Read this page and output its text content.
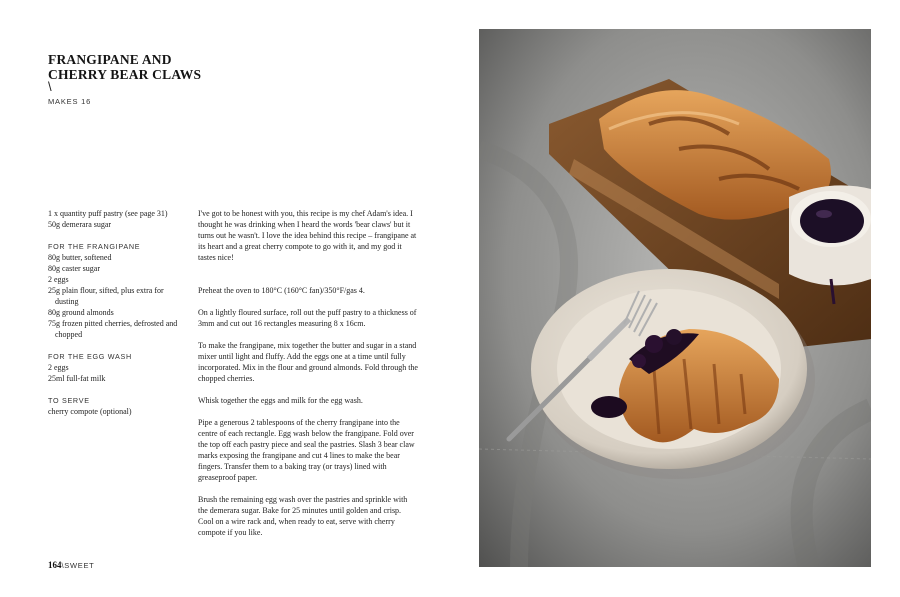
FRANGIPANE AND
CHERRY BEAR CLAWS
\
MAKES 16
1 x quantity puff pastry (see page 31)
50g demerara sugar
FOR THE FRANGIPANE
80g butter, softened
80g caster sugar
2 eggs
25g plain flour, sifted, plus extra for dusting
80g ground almonds
75g frozen pitted cherries, defrosted and chopped
FOR THE EGG WASH
2 eggs
25ml full-fat milk
TO SERVE
cherry compote (optional)

I've got to be honest with you, this recipe is my chef Adam's idea. I thought he was drinking when I heard the words 'bear claws' but it turns out he wasn't. I love the idea behind this recipe – frangipane at its heart and a great cherry compote to go with it, and my god it tastes nice!

Preheat the oven to 180°C (160°C fan)/350°F/gas 4.

On a lightly floured surface, roll out the puff pastry to a thickness of 3mm and cut out 16 rectangles measuring 8 x 16cm.

To make the frangipane, mix together the butter and sugar in a stand mixer until light and fluffy. Add the eggs one at a time until fully incorporated. Mix in the flour and ground almonds. Fold through the chopped cherries.

Whisk together the eggs and milk for the egg wash.

Pipe a generous 2 tablespoons of the cherry frangipane into the centre of each rectangle. Egg wash below the frangipane. Fold over the top off each pastry piece and seal the pastries. Slash 3 bear claw marks exposing the frangipane and cut 4 lines to make the bear fingers. Transfer them to a baking tray (or trays) lined with greaseproof paper.

Brush the remaining egg wash over the pastries and sprinkle with the demerara sugar. Bake for 25 minutes until golden and crisp. Cool on a wire rack and, when ready to eat, serve with cherry compote if you like.

164\SWEET
